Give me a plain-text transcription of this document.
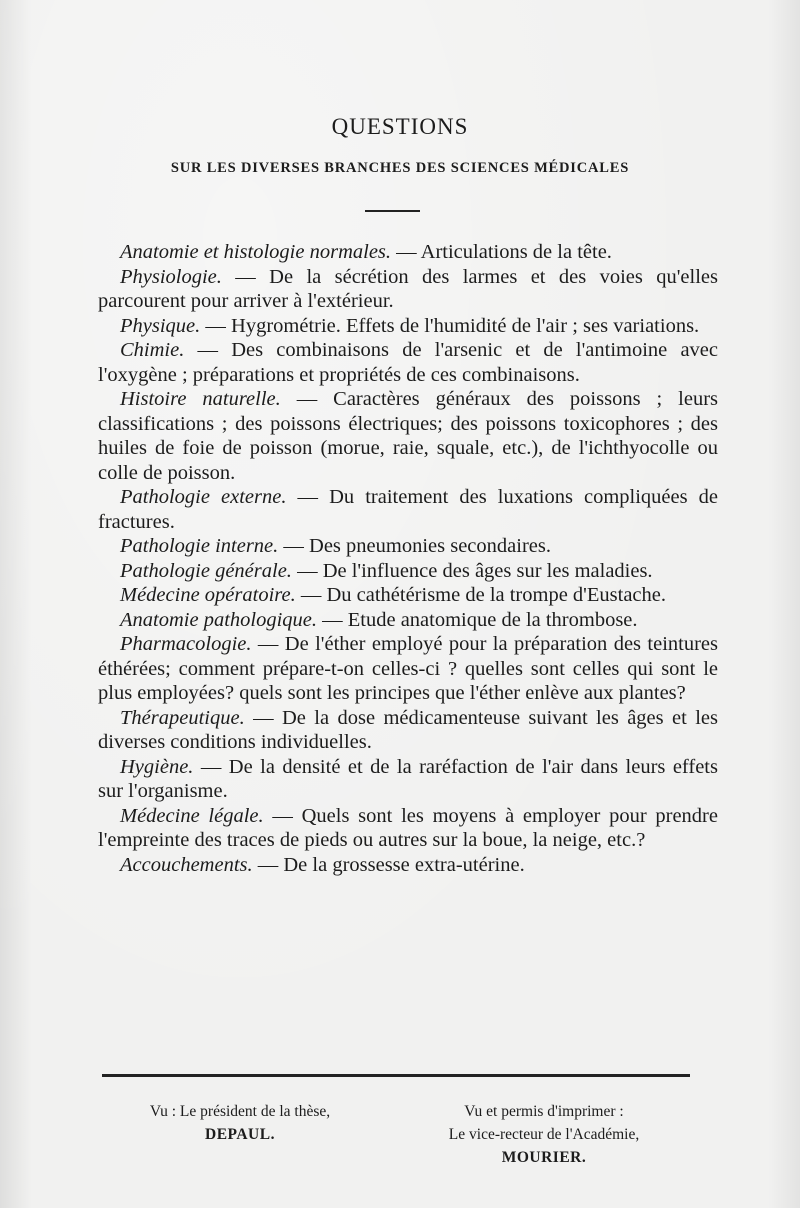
QUESTIONS
SUR LES DIVERSES BRANCHES DES SCIENCES MÉDICALES

Anatomie et histologie normales. — Articulations de la tête.

Physiologie. — De la sécrétion des larmes et des voies qu'elles parcourent pour arriver à l'extérieur.

Physique. — Hygrométrie. Effets de l'humidité de l'air ; ses variations.

Chimie. — Des combinaisons de l'arsenic et de l'antimoine avec l'oxygène ; préparations et propriétés de ces combinaisons.

Histoire naturelle. — Caractères généraux des poissons ; leurs classifications ; des poissons électriques; des poissons toxicophores ; des huiles de foie de poisson (morue, raie, squale, etc.), de l'ichthyocolle ou colle de poisson.

Pathologie externe. — Du traitement des luxations compliquées de fractures.

Pathologie interne. — Des pneumonies secondaires.

Pathologie générale. — De l'influence des âges sur les maladies.

Médecine opératoire. — Du cathétérisme de la trompe d'Eustache.

Anatomie pathologique. — Etude anatomique de la thrombose.

Pharmacologie. — De l'éther employé pour la préparation des teintures éthérées; comment prépare-t-on celles-ci ? quelles sont celles qui sont le plus employées? quels sont les principes que l'éther enlève aux plantes?

Thérapeutique. — De la dose médicamenteuse suivant les âges et les diverses conditions individuelles.

Hygiène. — De la densité et de la raréfaction de l'air dans leurs effets sur l'organisme.

Médecine légale. — Quels sont les moyens à employer pour prendre l'empreinte des traces de pieds ou autres sur la boue, la neige, etc.?

Accouchements. — De la grossesse extra-utérine.

Vu : Le président de la thèse,
DEPAUL.
Vu et permis d'imprimer :
Le vice-recteur de l'Académie,
MOURIER.
